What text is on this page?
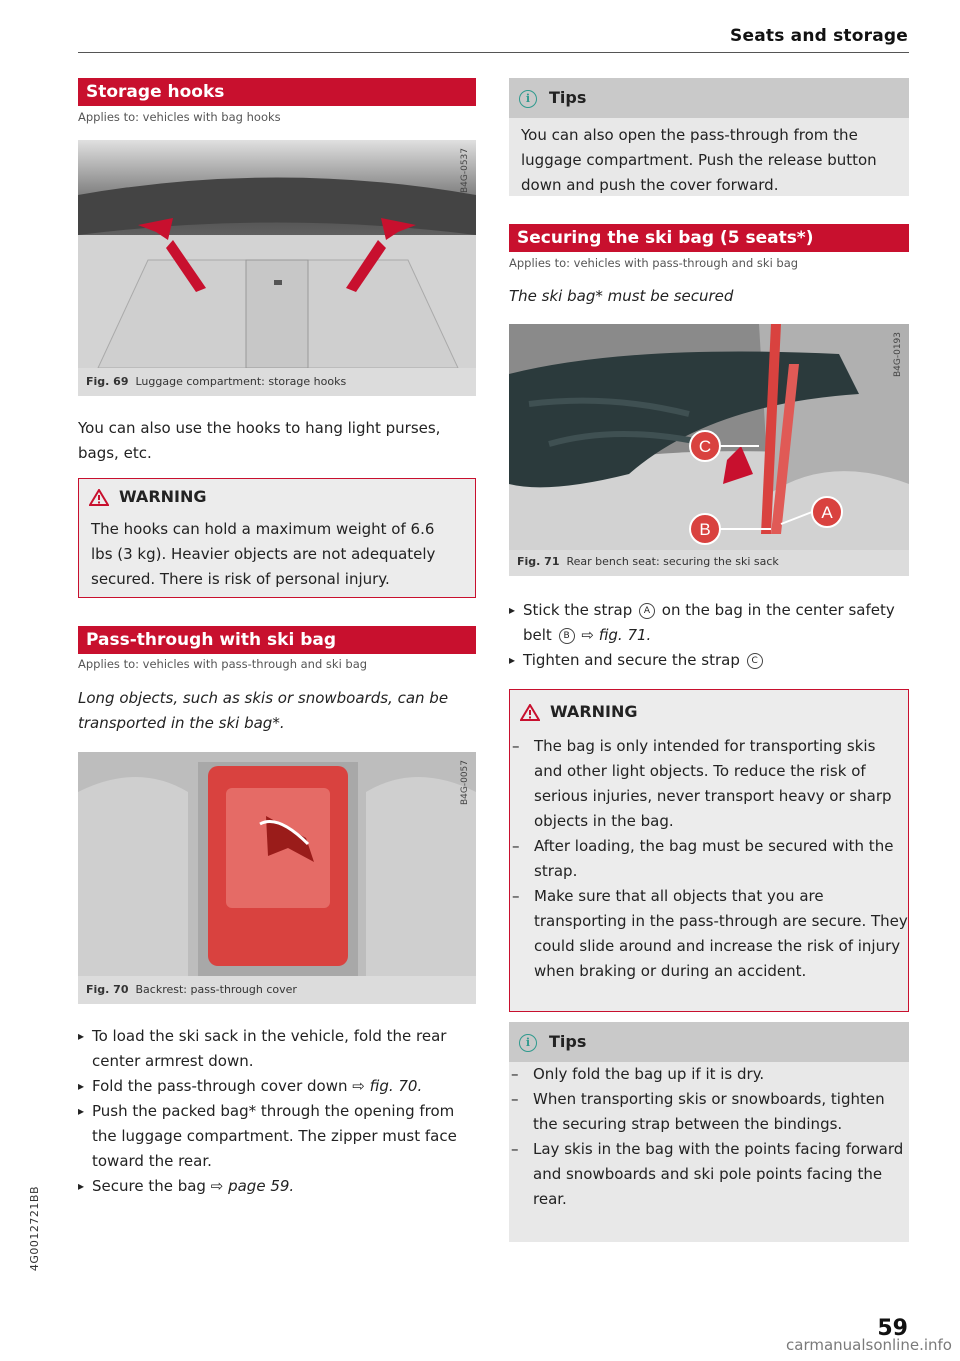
Seats and storage
Storage hooks
Applies to: vehicles with bag hooks
B4G-0537
Fig. 69 Luggage compartment: storage hooks
You can also use the hooks to hang light purses, bags, etc.
WARNING
The hooks can hold a maximum weight of 6.6 lbs (3 kg). Heavier objects are not adequately secured. There is risk of personal injury.
Pass-through with ski bag
Applies to: vehicles with pass-through and ski bag
Long objects, such as skis or snowboards, can be transported in the ski bag*.
B4G-0057
Fig. 70 Backrest: pass-through cover
▸ To load the ski sack in the vehicle, fold the rear center armrest down.
▸ Fold the pass-through cover down ⇨ fig. 70.
▸ Push the packed bag* through the opening from the luggage compartment. The zipper must face toward the rear.
▸ Secure the bag ⇨ page 59.
i Tips
You can also open the pass-through from the luggage compartment. Push the release button down and push the cover forward.
Securing the ski bag (5 seats*)
Applies to: vehicles with pass-through and ski bag
The ski bag* must be secured
C
B
A
B4G-0193
Fig. 71 Rear bench seat: securing the ski sack
▸ Stick the strap A on the bag in the center safety belt B ⇨ fig. 71.
▸ Tighten and secure the strap C
WARNING
– The bag is only intended for transporting skis and other light objects. To reduce the risk of serious injuries, never transport heavy or sharp objects in the bag.
– After loading, the bag must be secured with the strap.
– Make sure that all objects that you are transporting in the pass-through are secure. They could slide around and increase the risk of injury when braking or during an accident.
i Tips
– Only fold the bag up if it is dry.
– When transporting skis or snowboards, tighten the securing strap between the bindings.
– Lay skis in the bag with the points facing forward and snowboards and ski pole points facing the rear.
4G0012721BB
59
carmanualsonline.info
